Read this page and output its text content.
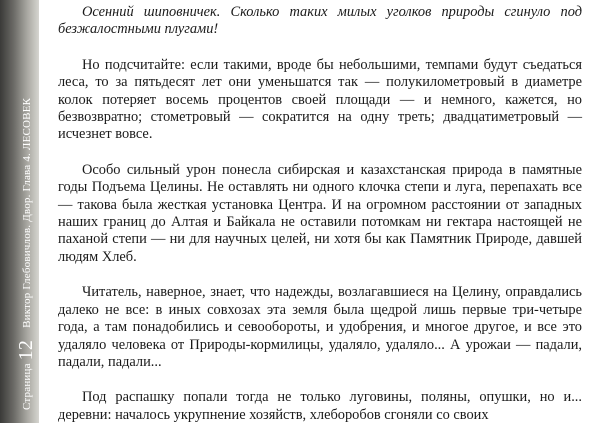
Страница12Виктор Глебовичлов. Двор. Глава 4. ЛЕСОВЕК

Осенний шиповничек. Сколько таких милых уголков природы сгинуло под безжалостными плугами!

Но подсчитайте: если такими, вроде бы небольшими, темпами будут съедаться леса, то за пятьдесят лет они уменьшатся так — полукилометровый в диаметре колок потеряет восемь процентов своей площади — и немного, кажется, но безвозвратно; стометровый — сократится на одну треть; двадцатиметровый — исчезнет вовсе.

Особо сильный урон понесла сибирская и казахстанская природа в памятные годы Подъема Целины. Не оставлять ни одного клочка степи и луга, перепахать все — такова была жесткая установка Центра. И на огромном расстоянии от западных наших границ до Алтая и Байкала не оставили потомкам ни гектара настоящей не паханой степи — ни для научных целей, ни хотя бы как Памятник Природе, давшей людям Хлеб.

Читатель, наверное, знает, что надежды, возлагавшиеся на Целину, оправдались далеко не все: в иных совхозах эта земля была щедрой лишь первые три-четыре года, а там понадобились и севообороты, и удобрения, и многое другое, и все это удаляло человека от Природы-кормилицы, удаляло, удаляло... А урожаи — падали, падали, падали...

Под распашку попали тогда не только луговины, поляны, опушки, но и... деревни: началось укрупнение хозяйств, хлеборобов сгоняли со своих
